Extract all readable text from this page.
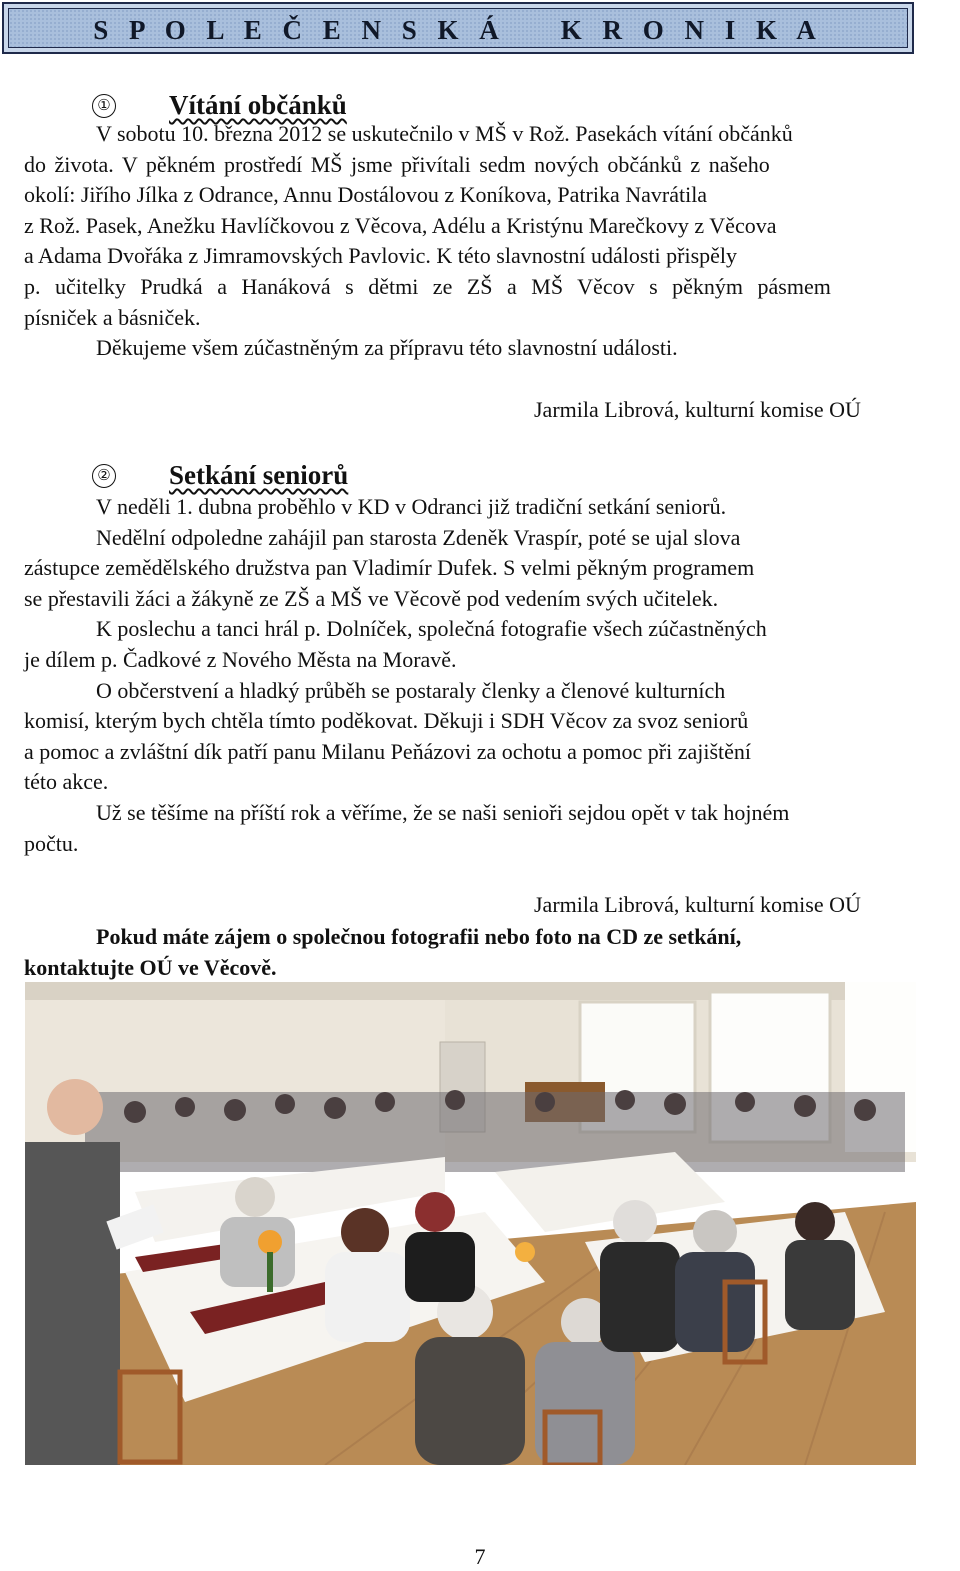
S P O L E Č E N S K Á    K R O N I K A
① Vítání občánků

V sobotu 10. března 2012 se uskutečnilo v MŠ v Rož. Pasekách vítání občánků

do života. V pěkném prostředí MŠ jsme přivítali sedm nových občánků z našeho

okolí: Jiřího Jílka z Odrance, Annu Dostálovou z Koníkova, Patrika Navrátila

z Rož. Pasek, Anežku Havlíčkovou z Věcova, Adélu a Kristýnu Marečkovy z Věcova

a Adama Dvořáka z Jimramovských Pavlovic. K této slavnostní události přispěly

p. učitelky Prudká a Hanáková s dětmi ze ZŠ a MŠ Věcov s pěkným pásmem

písniček a básniček.

Děkujeme všem zúčastněným za přípravu této slavnostní události.

Jarmila Librová, kulturní komise OÚ
② Setkání seniorů

V neděli 1. dubna proběhlo v KD v Odranci již tradiční setkání seniorů.

Nedělní odpoledne zahájil pan starosta Zdeněk Vraspír, poté se ujal slova

zástupce zemědělského družstva pan Vladimír Dufek. S velmi pěkným programem

se přestavili žáci a žákyně ze ZŠ a MŠ ve Věcově pod vedením svých učitelek.

K poslechu a tanci hrál p. Dolníček, společná fotografie všech zúčastněných

je dílem p. Čadkové z Nového Města na Moravě.

O občerstvení a hladký průběh se postaraly členky a členové kulturních

komisí, kterým bych chtěla tímto poděkovat. Děkuji i SDH Věcov za svoz seniorů

a pomoc a zvláštní dík patří panu Milanu Peňázovi za ochotu a pomoc při zajištění

této akce.

Už se těšíme na příští rok a věříme, že se naši senioři sejdou opět v tak hojném

počtu.

Jarmila Librová, kulturní komise OÚ

Pokud máte zájem o společnou fotografii nebo foto na CD ze setkání,

kontaktujte OÚ ve Věcově.

7
